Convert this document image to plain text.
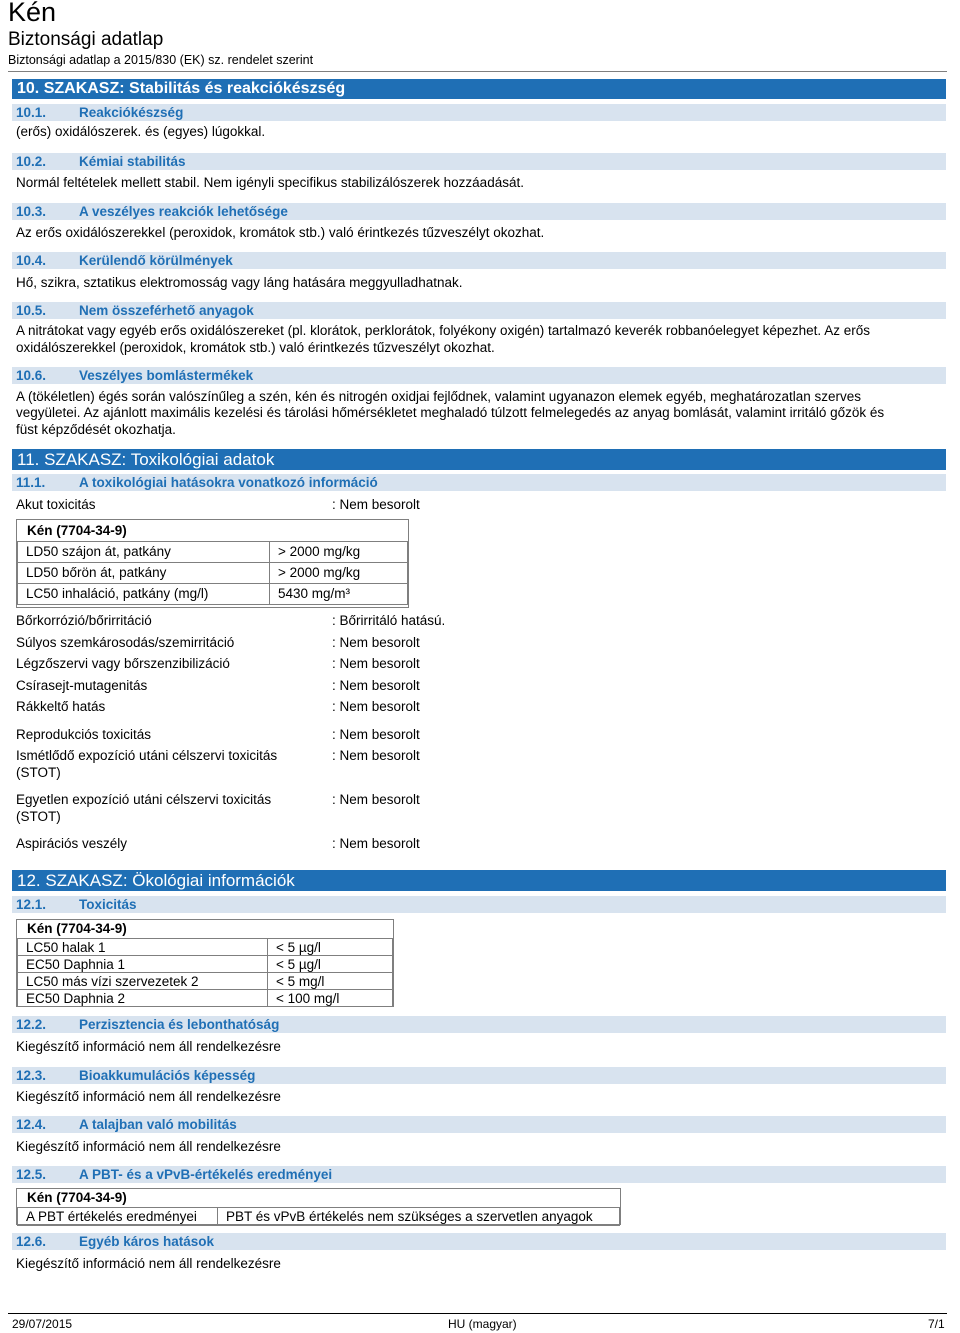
Kén
Biztonsági adatlap
Biztonsági adatlap a 2015/830 (EK) sz. rendelet szerint
10. SZAKASZ: Stabilitás és reakciókészség
10.1. Reakciókészség
(erős) oxidálószerek. és (egyes) lúgokkal.
10.2. Kémiai stabilitás
Normál feltételek mellett stabil. Nem igényli specifikus stabilizálószerek hozzáadását.
10.3. A veszélyes reakciók lehetősége
Az erős oxidálószerekkel (peroxidok, kromátok stb.) való érintkezés tűzveszélyt okozhat.
10.4. Kerülendő körülmények
Hő, szikra, sztatikus elektromosság vagy láng hatására meggyulladhatnak.
10.5. Nem összeférhető anyagok
A nitrátokat vagy egyéb erős oxidálószereket (pl. klorátok, perklorátok, folyékony oxigén) tartalmazó keverék robbanóelegyet képezhet. Az erős
oxidálószerekkel (peroxidok, kromátok stb.) való érintkezés tűzveszélyt okozhat.
10.6. Veszélyes bomlástermékek
A (tökéletlen) égés során valószínűleg a szén, kén és nitrogén oxidjai fejlődnek, valamint ugyanazon elemek egyéb, meghatározatlan szerves
vegyületei. Az ajánlott maximális kezelési és tárolási hőmérsékletet meghaladó túlzott felmelegedés az anyag bomlását, valamint irritáló gőzök és
füst képződését okozhatja.
11. SZAKASZ: Toxikológiai adatok
11.1. A toxikológiai hatásokra vonatkozó információ
Akut toxicitás	: Nem besorolt
Kén (7704-34-9)
LD50 szájon át, patkány	> 2000 mg/kg
LD50 bőrön át, patkány	> 2000 mg/kg
LC50 inhaláció, patkány (mg/l)	5430 mg/m³
Bőrkorrózió/bőrirritáció	: Bőrirritáló hatású.
Súlyos szemkárosodás/szemirritáció	: Nem besorolt
Légzőszervi vagy bőrszenzibilizáció	: Nem besorolt
Csírasejt-mutagenitás	: Nem besorolt
Rákkeltő hatás	: Nem besorolt
Reprodukciós toxicitás	: Nem besorolt
Ismétlődő expozíció utáni célszervi toxicitás
(STOT)
: Nem besorolt
Egyetlen expozíció utáni célszervi toxicitás
(STOT)
: Nem besorolt
Aspirációs veszély	: Nem besorolt
12. SZAKASZ: Ökológiai információk
12.1. Toxicitás
Kén (7704-34-9)
LC50 halak 1	< 5 µg/l
EC50 Daphnia 1	< 5 µg/l
LC50 más vízi szervezetek 2	< 5 mg/l
EC50 Daphnia 2	< 100 mg/l
12.2. Perzisztencia és lebonthatóság
Kiegészítő információ nem áll rendelkezésre
12.3. Bioakkumulációs képesség
Kiegészítő információ nem áll rendelkezésre
12.4. A talajban való mobilitás
Kiegészítő információ nem áll rendelkezésre
12.5. A PBT- és a vPvB-értékelés eredményei
Kén (7704-34-9)
A PBT értékelés eredményei	PBT és vPvB értékelés nem szükséges a szervetlen anyagok
12.6. Egyéb káros hatások
Kiegészítő információ nem áll rendelkezésre
29/07/2015	HU (magyar)	7/1
